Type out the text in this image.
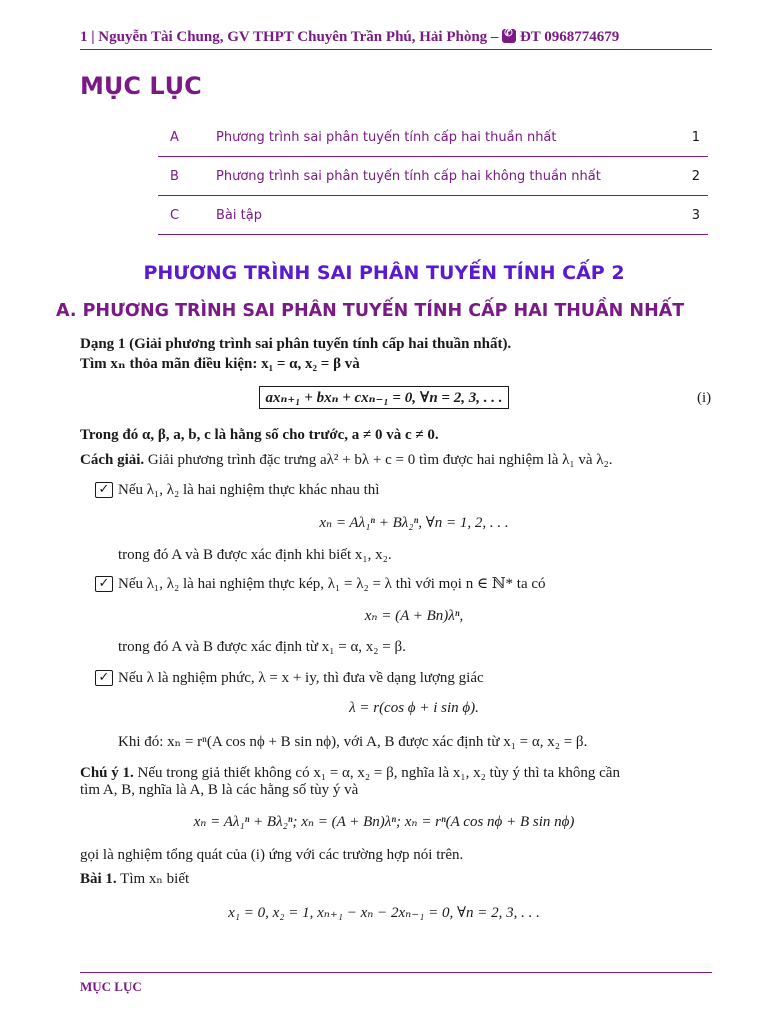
1 | Nguyễn Tài Chung, GV THPT Chuyên Trần Phú, Hải Phòng – ✆ ĐT 0968774679
MỤC LỤC
A	Phương trình sai phân tuyến tính cấp hai thuần nhất	1
B	Phương trình sai phân tuyến tính cấp hai không thuần nhất	2
C	Bài tập	3
PHƯƠNG TRÌNH SAI PHÂN TUYẾN TÍNH CẤP 2
A. PHƯƠNG TRÌNH SAI PHÂN TUYẾN TÍNH CẤP HAI THUẦN NHẤT
Dạng 1 (Giải phương trình sai phân tuyến tính cấp hai thuần nhất).
Tìm xₙ thỏa mãn điều kiện: x₁ = α, x₂ = β và
axₙ₊₁ + bxₙ + cxₙ₋₁ = 0, ∀n = 2, 3, . . .	(i)
Trong đó α, β, a, b, c là hằng số cho trước, a ≠ 0 và c ≠ 0.
Cách giải. Giải phương trình đặc trưng aλ² + bλ + c = 0 tìm được hai nghiệm là λ₁ và λ₂.
✓ Nếu λ₁, λ₂ là hai nghiệm thực khác nhau thì
xₙ = Aλ₁ⁿ + Bλ₂ⁿ, ∀n = 1, 2, . . .
trong đó A và B được xác định khi biết x₁, x₂.
✓ Nếu λ₁, λ₂ là hai nghiệm thực kép, λ₁ = λ₂ = λ thì với mọi n ∈ ℕ* ta có
xₙ = (A + Bn)λⁿ,
trong đó A và B được xác định từ x₁ = α, x₂ = β.
✓ Nếu λ là nghiệm phức, λ = x + iy, thì đưa về dạng lượng giác
λ = r(cos ϕ + i sin ϕ).
Khi đó: xₙ = rⁿ(A cos nϕ + B sin nϕ), với A, B được xác định từ x₁ = α, x₂ = β.
Chú ý 1. Nếu trong giả thiết không có x₁ = α, x₂ = β, nghĩa là x₁, x₂ tùy ý thì ta không cần
tìm A, B, nghĩa là A, B là các hằng số tùy ý và
xₙ = Aλ₁ⁿ + Bλ₂ⁿ; xₙ = (A + Bn)λⁿ; xₙ = rⁿ(A cos nϕ + B sin nϕ)
gọi là nghiệm tổng quát của (i) ứng với các trường hợp nói trên.
Bài 1. Tìm xₙ biết
x₁ = 0, x₂ = 1, xₙ₊₁ − xₙ − 2xₙ₋₁ = 0, ∀n = 2, 3, . . .
MỤC LỤC
